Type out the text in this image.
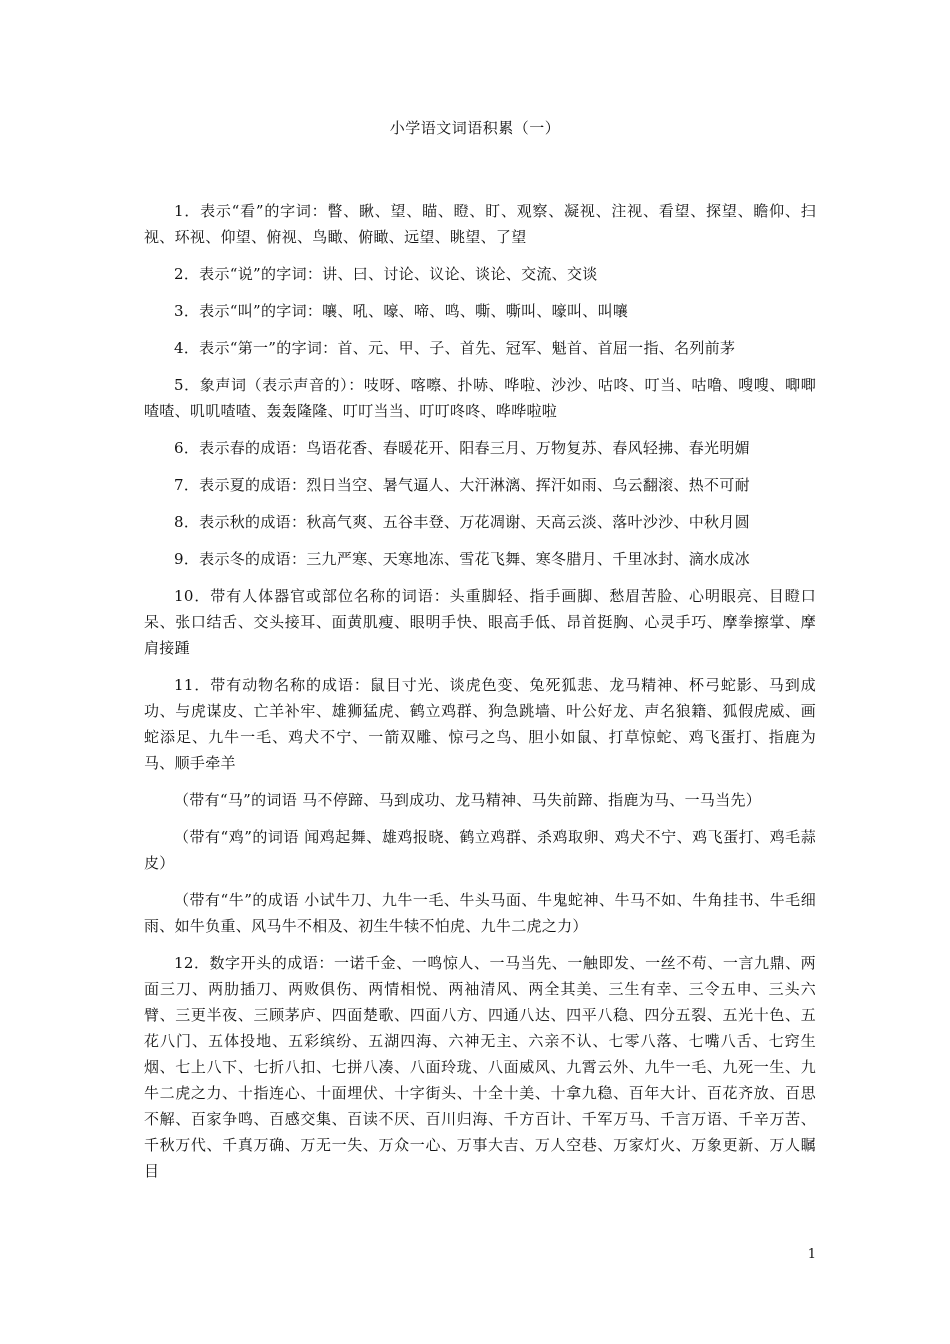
小学语文词语积累（一）

1．表示“看”的字词：瞥、瞅、望、瞄、瞪、盯、观察、凝视、注视、看望、探望、瞻仰、扫视、环视、仰望、俯视、鸟瞰、俯瞰、远望、眺望、了望

2．表示“说”的字词：讲、曰、讨论、议论、谈论、交流、交谈

3．表示“叫”的字词：嚷、吼、嚎、啼、鸣、嘶、嘶叫、嚎叫、叫嚷

4．表示“第一”的字词：首、元、甲、子、首先、冠军、魁首、首屈一指、名列前茅

5．象声词（表示声音的）：吱呀、喀嚓、扑哧、哗啦、沙沙、咕咚、叮当、咕噜、嗖嗖、唧唧喳喳、叽叽喳喳、轰轰隆隆、叮叮当当、叮叮咚咚、哗哗啦啦

6．表示春的成语：鸟语花香、春暖花开、阳春三月、万物复苏、春风轻拂、春光明媚

7．表示夏的成语：烈日当空、暑气逼人、大汗淋漓、挥汗如雨、乌云翻滚、热不可耐

8．表示秋的成语：秋高气爽、五谷丰登、万花凋谢、天高云淡、落叶沙沙、中秋月圆

9．表示冬的成语：三九严寒、天寒地冻、雪花飞舞、寒冬腊月、千里冰封、滴水成冰

10．带有人体器官或部位名称的词语：头重脚轻、指手画脚、愁眉苦脸、心明眼亮、目瞪口呆、张口结舌、交头接耳、面黄肌瘦、眼明手快、眼高手低、昂首挺胸、心灵手巧、摩拳擦掌、摩肩接踵

11．带有动物名称的成语：鼠目寸光、谈虎色变、兔死狐悲、龙马精神、杯弓蛇影、马到成功、与虎谋皮、亡羊补牢、雄狮猛虎、鹤立鸡群、狗急跳墙、叶公好龙、声名狼籍、狐假虎威、画蛇添足、九牛一毛、鸡犬不宁、一箭双雕、惊弓之鸟、胆小如鼠、打草惊蛇、鸡飞蛋打、指鹿为马、顺手牵羊

（带有“马”的词语 马不停蹄、马到成功、龙马精神、马失前蹄、指鹿为马、一马当先）

（带有“鸡”的词语 闻鸡起舞、雄鸡报晓、鹤立鸡群、杀鸡取卵、鸡犬不宁、鸡飞蛋打、鸡毛蒜皮）

（带有“牛”的成语 小试牛刀、九牛一毛、牛头马面、牛鬼蛇神、牛马不如、牛角挂书、牛毛细雨、如牛负重、风马牛不相及、初生牛犊不怕虎、九牛二虎之力）

12．数字开头的成语：一诺千金、一鸣惊人、一马当先、一触即发、一丝不苟、一言九鼎、两面三刀、两肋插刀、两败俱伤、两情相悦、两袖清风、两全其美、三生有幸、三令五申、三头六臂、三更半夜、三顾茅庐、四面楚歌、四面八方、四通八达、四平八稳、四分五裂、五光十色、五花八门、五体投地、五彩缤纷、五湖四海、六神无主、六亲不认、七零八落、七嘴八舌、七窍生烟、七上八下、七折八扣、七拼八凑、八面玲珑、八面威风、九霄云外、九牛一毛、九死一生、九牛二虎之力、十指连心、十面埋伏、十字街头、十全十美、十拿九稳、百年大计、百花齐放、百思不解、百家争鸣、百感交集、百读不厌、百川归海、千方百计、千军万马、千言万语、千辛万苦、千秋万代、千真万确、万无一失、万众一心、万事大吉、万人空巷、万家灯火、万象更新、万人瞩目

1
